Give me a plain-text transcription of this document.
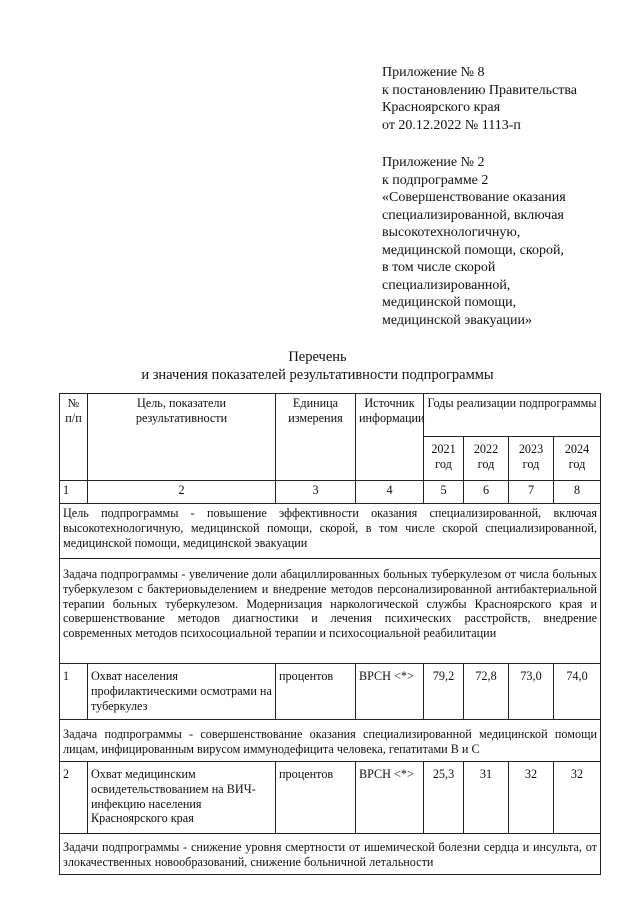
Приложение № 8
к постановлению Правительства
Красноярского края
от 20.12.2022 № 1113-п
Приложение № 2
к подпрограмме 2
«Совершенствование оказания
специализированной, включая
высокотехнологичную,
медицинской помощи, скорой,
в том числе скорой
специализированной,
медицинской помощи,
медицинской эвакуации»
Перечень
и значения показателей результативности подпрограммы
№ п/п	Цель, показатели результативности	Единица измерения	Источник информации	Годы реализации подпрограммы			
				2021 год	2022 год	2023 год	2024 год
1	2	3	4	5	6	7	8
Цель подпрограммы - повышение эффективности оказания специализированной, включая высокотехнологичную, медицинской помощи, скорой, в том числе скорой специализированной, медицинской помощи, медицинской эвакуации							
Задача подпрограммы - увеличение доли абациллированных больных туберкулезом от числа больных туберкулезом с бактериовыделением и внедрение методов персонализированной антибактериальной терапии больных туберкулезом. Модернизация наркологической службы Красноярского края и совершенствование методов диагностики и лечения психических расстройств, внедрение современных методов психосоциальной терапии и психосоциальной реабилитации							
1	Охват населения профилактическими осмотрами на туберкулез	процентов	ВРСН <*>	79,2	72,8	73,0	74,0
Задача подпрограммы - совершенствование оказания специализированной медицинской помощи лицам, инфицированным вирусом иммунодефицита человека, гепатитами В и С							
2	Охват медицинским освидетельствованием на ВИЧ-инфекцию населения Красноярского края	процентов	ВРСН <*>	25,3	31	32	32
Задачи подпрограммы - снижение уровня смертности от ишемической болезни сердца и инсульта, от злокачественных новообразований, снижение больничной летальности							
